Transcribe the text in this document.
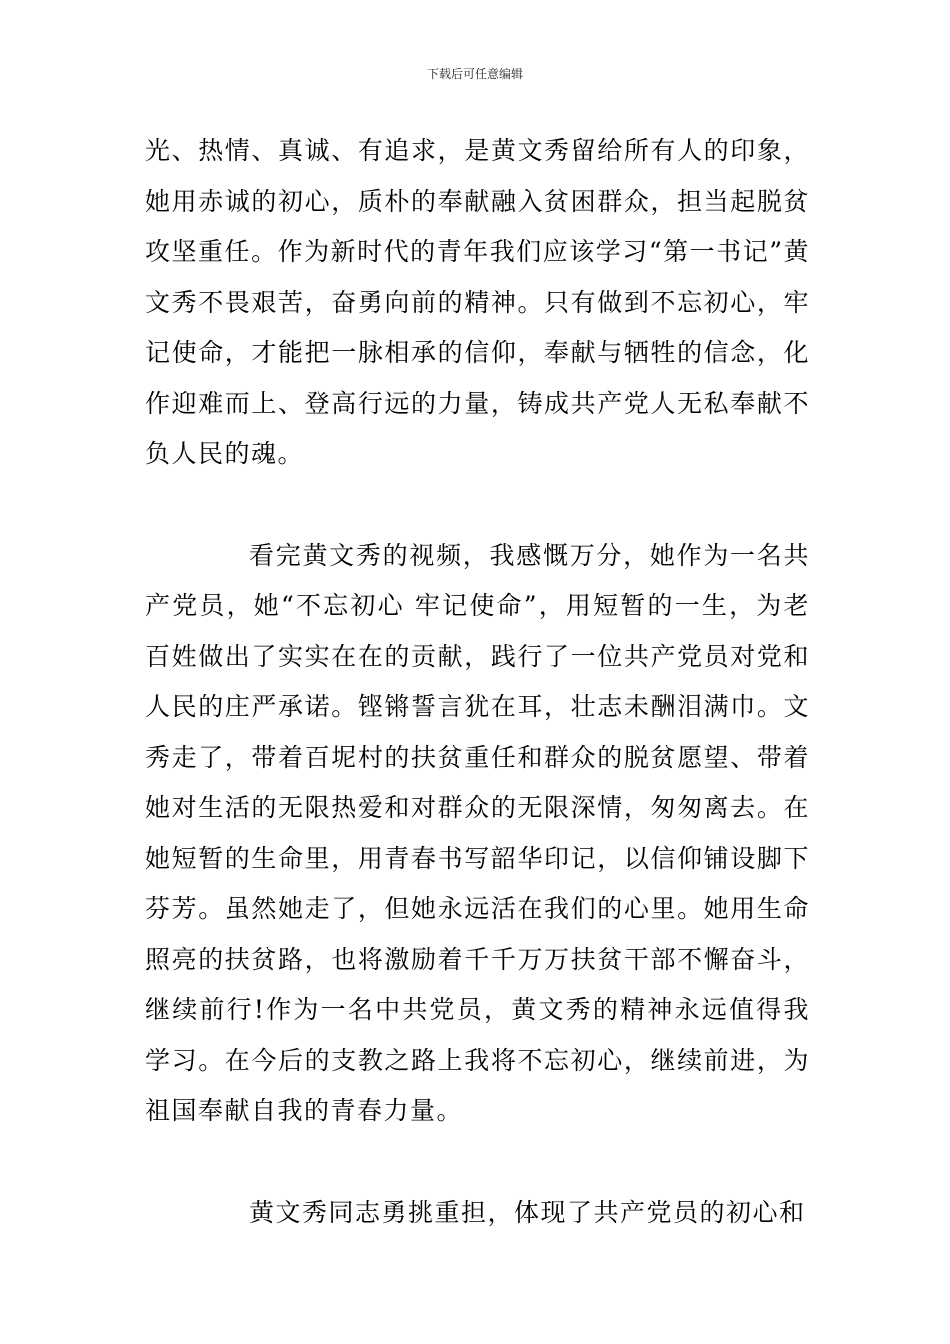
下载后可任意编辑

光、热情、真诚、有追求，是黄文秀留给所有人的印象，她用赤诚的初心，质朴的奉献融入贫困群众，担当起脱贫攻坚重任。作为新时代的青年我们应该学习“第一书记”黄文秀不畏艰苦，奋勇向前的精神。只有做到不忘初心，牢记使命，才能把一脉相承的信仰，奉献与牺牲的信念，化作迎难而上、登高行远的力量，铸成共产党人无私奉献不负人民的魂。

看完黄文秀的视频，我感慨万分，她作为一名共产党员，她“不忘初心 牢记使命”，用短暂的一生，为老百姓做出了实实在在的贡献，践行了一位共产党员对党和人民的庄严承诺。铿锵誓言犹在耳，壮志未酬泪满巾。文秀走了，带着百坭村的扶贫重任和群众的脱贫愿望、带着她对生活的无限热爱和对群众的无限深情，匆匆离去。在她短暂的生命里，用青春书写韶华印记，以信仰铺设脚下芬芳。虽然她走了，但她永远活在我们的心里。她用生命照亮的扶贫路，也将激励着千千万万扶贫干部不懈奋斗，继续前行!作为一名中共党员，黄文秀的精神永远值得我学习。在今后的支教之路上我将不忘初心，继续前进，为祖国奉献自我的青春力量。

黄文秀同志勇挑重担，体现了共产党员的初心和
